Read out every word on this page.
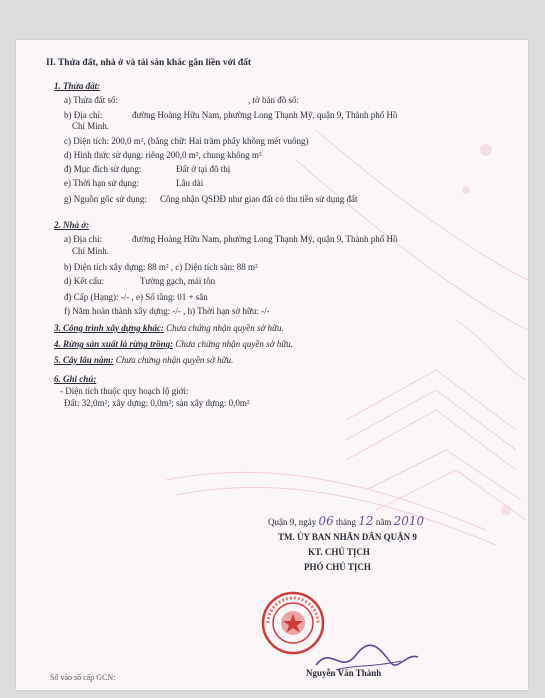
II. Thửa đất, nhà ở và tài sản khác gắn liền với đất
1. Thửa đất:
a) Thửa đất số:	, tờ bản đồ số:
b) Địa chỉ:	đường Hoàng Hữu Nam, phường Long Thạnh Mỹ, quận 9, Thành phố Hồ
Chí Minh.
c) Diện tích: 200,0 m², (bằng chữ: Hai trăm phẩy không mét vuông)
d) Hình thức sử dụng: riêng 200,0 m², chung không m²
đ) Mục đích sử dụng:	Đất ở tại đô thị
e) Thời hạn sử dụng:	Lâu dài
g) Nguồn gốc sử dụng: Công nhận QSDĐ như giao đất có thu tiền sử dụng đất
2. Nhà ở:
a) Địa chỉ:	đường Hoàng Hữu Nam, phường Long Thạnh Mỹ, quận 9, Thành phố Hồ
Chí Minh.
b) Diện tích xây dựng: 88 m² , c) Diện tích sàn: 88 m²
d) Kết cấu:	Tường gạch, mái tôn
đ) Cấp (Hạng): -/- , e) Số tầng: 01 + sân
f) Năm hoàn thành xây dựng: -/- , h) Thời hạn sở hữu: -/-
3. Công trình xây dựng khác: Chưa chứng nhận quyền sở hữu.
4. Rừng sản xuất là rừng trồng: Chưa chứng nhận quyền sở hữu.
5. Cây lâu năm: Chưa chứng nhận quyền sở hữu.
6. Ghi chú:
- Diện tích thuộc quy hoạch lộ giới:
Đất: 32,0m²; xây dựng: 0,0m²; sàn xây dựng: 0,0m²
Quận 9, ngày 06 tháng 12 năm 2010
TM. ỦY BAN NHÂN DÂN QUẬN 9
KT. CHỦ TỊCH
PHÓ CHỦ TỊCH
Nguyễn Văn Thành
Số vào sổ cấp GCN:
